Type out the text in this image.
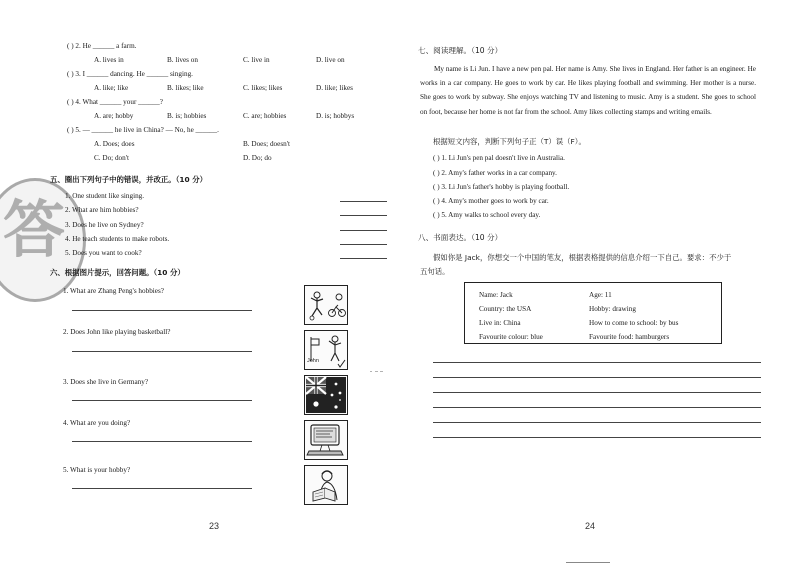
( ) 2. He ______ a farm.
A. lives in	B. lives on	C. live in	D. live on
( ) 3. I ______ dancing. He ______ singing.
A. like; like	B. likes; like	C. likes; likes	D. like; likes
( ) 4. What ______ your ______?
A. are; hobby	B. is; hobbies	C. are; hobbies	D. is; hobbys
( ) 5. — ______ he live in China? — No, he ______.
A. Does; does	B. Does; doesn't
C. Do; don't	D. Do; do
答
五、圈出下列句子中的错误，并改正。（10 分）
1. One student like singing.
2. What are him hobbies?
3. Does he live on Sydney?
4. He teach students to make robots.
5. Does you want to cook?
六、根据图片提示，回答问题。（10 分）
1. What are Zhang Peng's hobbies?
2. Does John like playing basketball?
3. Does she live in Germany?
4. What are you doing?
5. What is your hobby?
John
23
七、阅读理解。（10 分）
My name is Li Jun. I have a new pen pal. Her name is Amy. She lives in England. Her father is an engineer. He works in a car company. He goes to work by car. He likes playing football and swimming. Her mother is a nurse. She goes to work by subway. She enjoys watching TV and listening to music. Amy is a student. She goes to school on foot, because her home is not far from the school. Amy likes collecting stamps and writing emails.
根据短文内容，判断下列句子正（T）误（F）。
( ) 1. Li Jun's pen pal doesn't live in Australia.
( ) 2. Amy's father works in a car company.
( ) 3. Li Jun's father's hobby is playing football.
( ) 4. Amy's mother goes to work by car.
( ) 5. Amy walks to school every day.
八、书面表达。（10 分）
假如你是 Jack，你想交一个中国的笔友，根据表格提供的信息介绍一下自己。要求：不少于
五句话。
Name: Jack	Age: 11
Country: the USA	Hobby: drawing
Live in: China	How to come to school: by bus
Favourite colour: blue	Favourite food: hamburgers
24
